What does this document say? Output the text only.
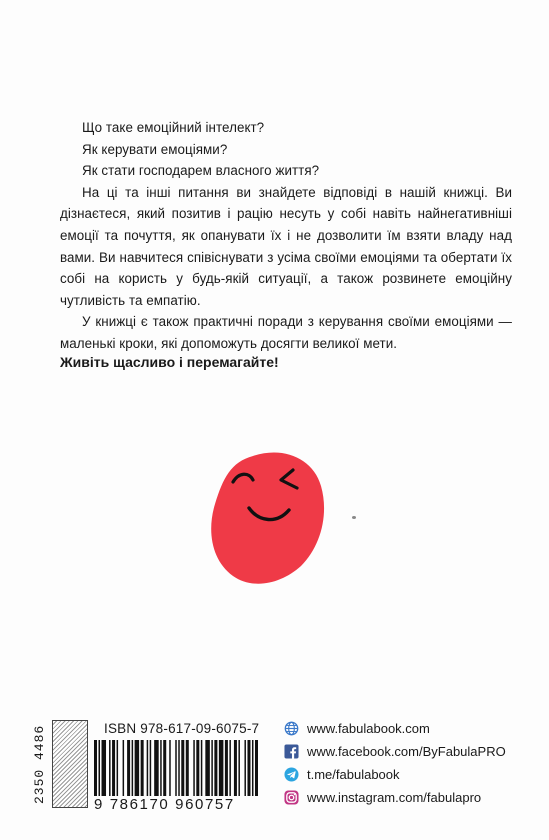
Що таке емоційний інтелект?
Як керувати емоціями?
Як стати господарем власного життя?
На ці та інші питання ви знайдете відповіді в нашій книжці. Ви дізнаєтеся, який позитив і рацію несуть у собі навіть найнегативніші емоції та почуття, як опанувати їх і не дозволити їм взяти владу над вами. Ви навчитеся співіснувати з усіма своїми емоціями та обертати їх собі на користь у будь-якій ситуації, а також розвинете емоційну чутливість та емпатію.
У книжці є також практичні поради з керування своїми емоціями — маленькі кроки, які допоможуть досягти великої мети.
Живіть щасливо і перемагайте!
2350 4486	ISBN 978-617-09-6075-7
9 786170 960757
www.fabulabook.com
www.facebook.com/ByFabulaPRO
t.me/fabulabook
www.instagram.com/fabulapro
